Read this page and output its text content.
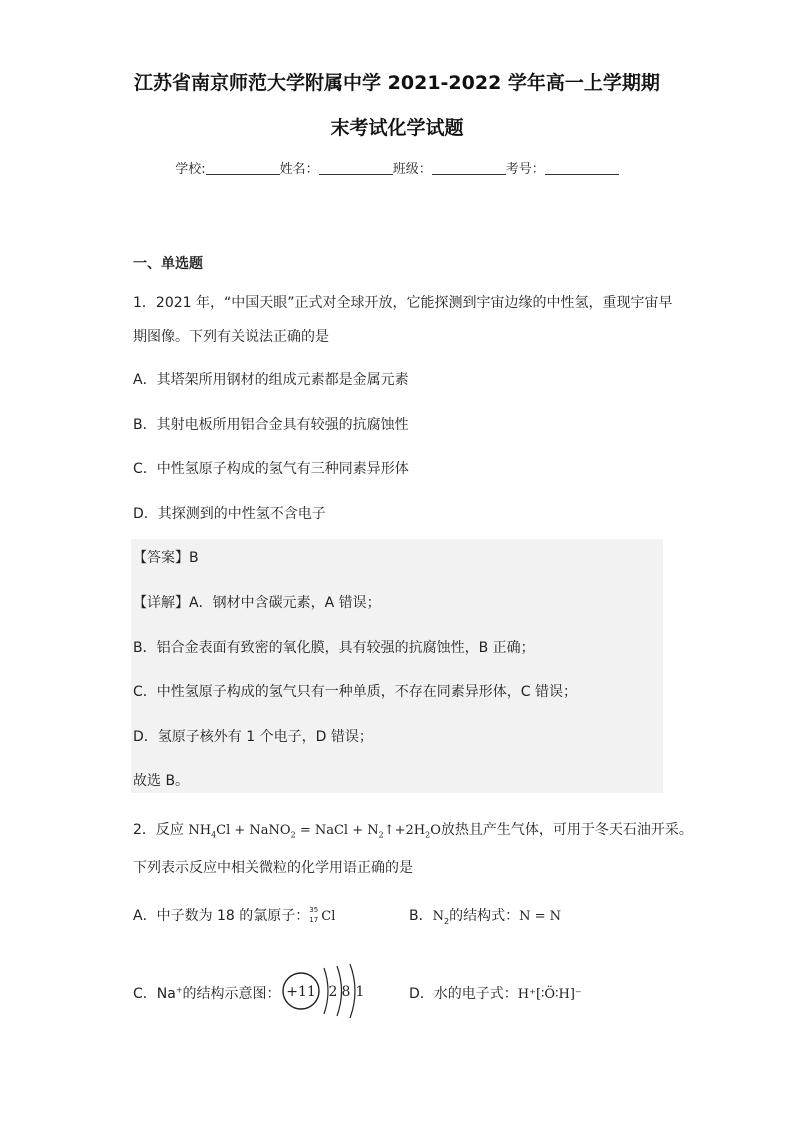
江苏省南京师范大学附属中学 2021-2022 学年高一上学期期
末考试化学试题
学校:	姓名：	班级：	考号：
一、单选题
1．2021 年，“中国天眼”正式对全球开放，它能探测到宇宙边缘的中性氢，重现宇宙早
期图像。下列有关说法正确的是
A．其塔架所用钢材的组成元素都是金属元素
B．其射电板所用铝合金具有较强的抗腐蚀性
C．中性氢原子构成的氢气有三种同素异形体
D．其探测到的中性氢不含电子
【答案】B
【详解】A．钢材中含碳元素，A 错误；
B．铝合金表面有致密的氧化膜，具有较强的抗腐蚀性，B 正确；
C．中性氢原子构成的氢气只有一种单质，不存在同素异形体，C 错误；
D．氢原子核外有 1 个电子，D 错误；
故选 B。
2．反应 $NH_4Cl$ + NaNO$_2$ = NaCl + $N_2↑+2H_2O$放热且产生气体，可用于冬天石油开采。
下列表示反应中相关微粒的化学用语正确的是
A．中子数为 18 的氯原子： 35
17 Cl	B．$N_2$的结构式：N = N
C．Na+的结构示意图： +11 2 8 1	D．水的电子式：H⁺[∶Ö∶H]⁻
